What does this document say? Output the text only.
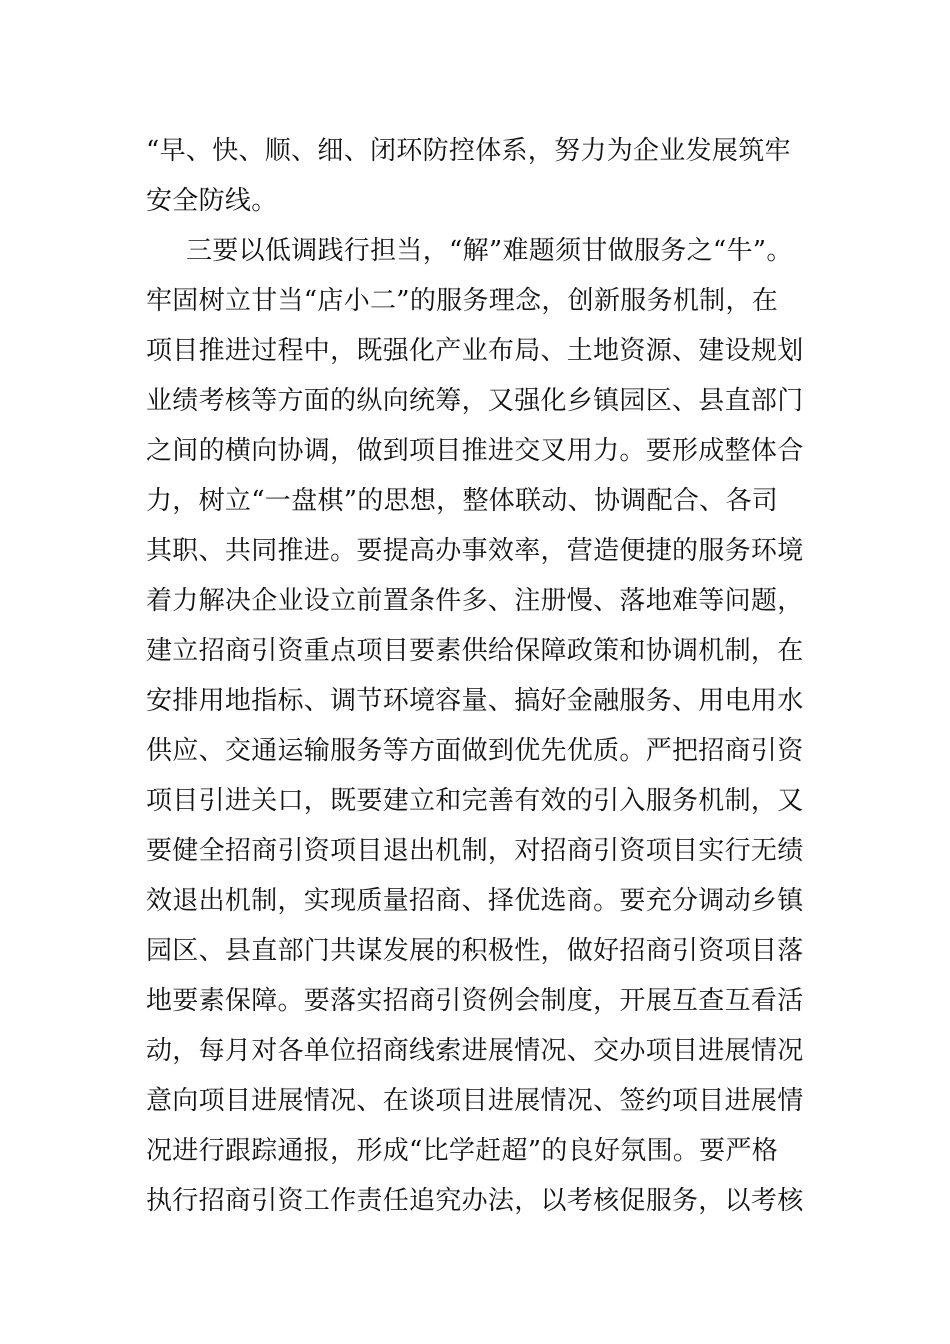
“早、快、顺、细、闭环防控体系，努力为企业发展筑牢

安全防线。

三要以低调践行担当，“解”难题须甘做服务之“牛”。

牢固树立甘当“店小二”的服务理念，创新服务机制，在

项目推进过程中，既强化产业布局、土地资源、建设规划

业绩考核等方面的纵向统筹，又强化乡镇园区、县直部门

之间的横向协调，做到项目推进交叉用力。要形成整体合

力，树立“一盘棋”的思想，整体联动、协调配合、各司

其职、共同推进。要提高办事效率，营造便捷的服务环境

着力解决企业设立前置条件多、注册慢、落地难等问题，

建立招商引资重点项目要素供给保障政策和协调机制，在

安排用地指标、调节环境容量、搞好金融服务、用电用水

供应、交通运输服务等方面做到优先优质。严把招商引资

项目引进关口，既要建立和完善有效的引入服务机制，又

要健全招商引资项目退出机制，对招商引资项目实行无绩

效退出机制，实现质量招商、择优选商。要充分调动乡镇

园区、县直部门共谋发展的积极性，做好招商引资项目落

地要素保障。要落实招商引资例会制度，开展互查互看活

动，每月对各单位招商线索进展情况、交办项目进展情况

意向项目进展情况、在谈项目进展情况、签约项目进展情

况进行跟踪通报，形成“比学赶超”的良好氛围。要严格

执行招商引资工作责任追究办法，以考核促服务，以考核
